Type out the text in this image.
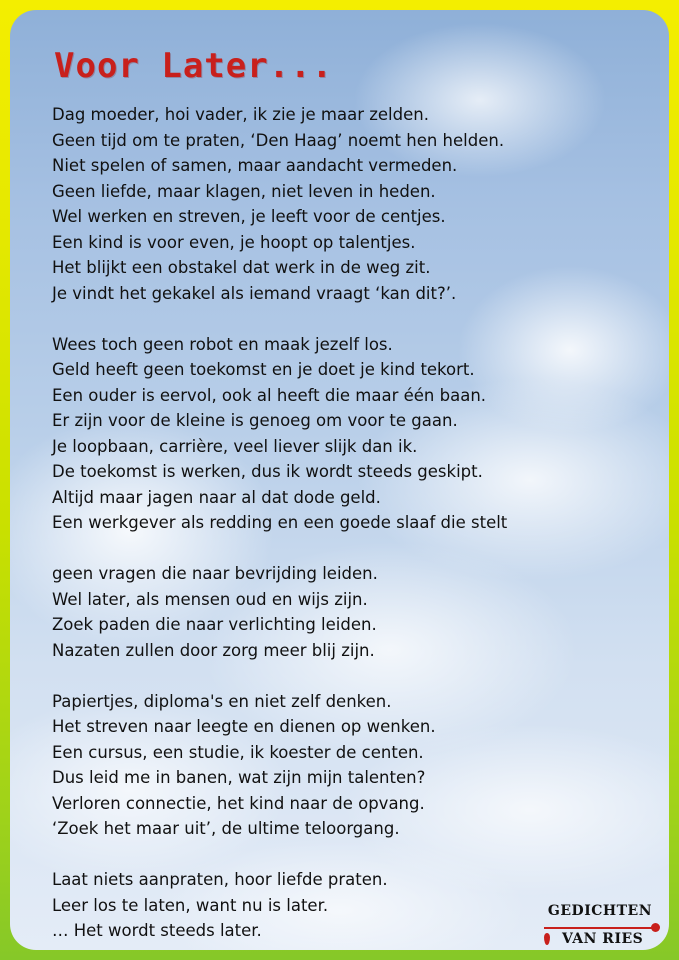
Voor Later...

Dag moeder, hoi vader, ik zie je maar zelden.
Geen tijd om te praten, ‘Den Haag’ noemt hen helden.
Niet spelen of samen, maar aandacht vermeden.
Geen liefde, maar klagen, niet leven in heden.
Wel werken en streven, je leeft voor de centjes.
Een kind is voor even, je hoopt op talentjes.
Het blijkt een obstakel dat werk in de weg zit.
Je vindt het gekakel als iemand vraagt ‘kan dit?’.

Wees toch geen robot en maak jezelf los.
Geld heeft geen toekomst en je doet je kind tekort.
Een ouder is eervol, ook al heeft die maar één baan.
Er zijn voor de kleine is genoeg om voor te gaan.
Je loopbaan, carrière, veel liever slijk dan ik.
De toekomst is werken, dus ik wordt steeds geskipt.
Altijd maar jagen naar al dat dode geld.
Een werkgever als redding en een goede slaaf die stelt

geen vragen die naar bevrijding leiden.
Wel later, als mensen oud en wijs zijn.
Zoek paden die naar verlichting leiden.
Nazaten zullen door zorg meer blij zijn.

Papiertjes, diploma's en niet zelf denken.
Het streven naar leegte en dienen op wenken.
Een cursus, een studie, ik koester de centen.
Dus leid me in banen, wat zijn mijn talenten?
Verloren connectie, het kind naar de opvang.
‘Zoek het maar uit’, de ultime teloorgang.

Laat niets aanpraten, hoor liefde praten.
Leer los te laten, want nu is later.
… Het wordt steeds later.

GEDICHTEN
VAN RIES
